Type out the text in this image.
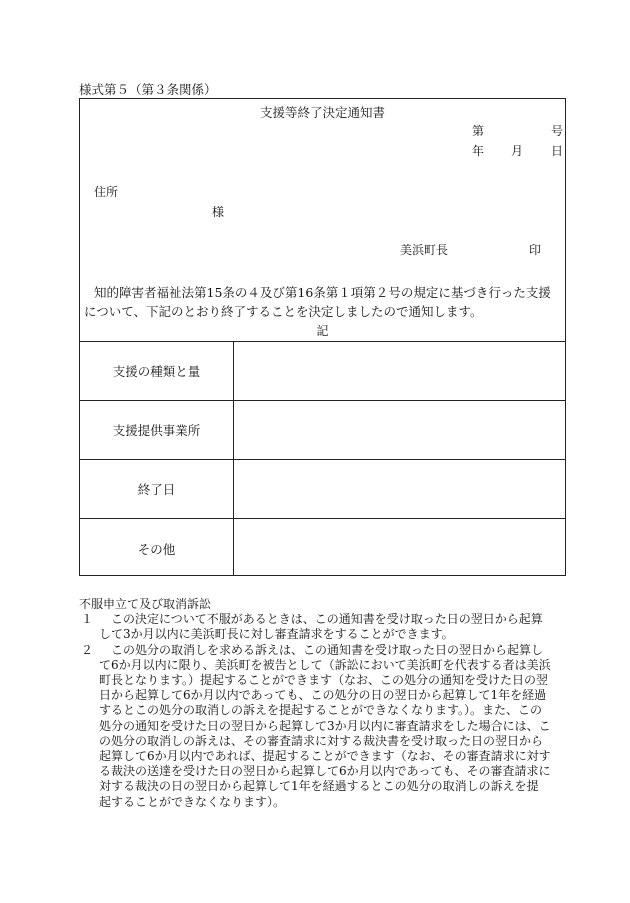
様式第５（第３条関係）
支援等終了決定通知書
第	号
年 月 日
住所
様
美浜町長	印
知的障害者福祉法第15条の４及び第16条第１項第２号の規定に基づき行った支援
について、下記のとおり終了することを決定しましたので通知します。
記
支援の種類と量
支援提供事業所
終了日
その他
不服申立て及び取消訴訟
１	この決定について不服があるときは、この通知書を受け取った日の翌日から起算
して3か月以内に美浜町長に対し審査請求をすることができます。
２	この処分の取消しを求める訴えは、この通知書を受け取った日の翌日から起算し
て6か月以内に限り、美浜町を被告として（訴訟において美浜町を代表する者は美浜
町長となります。）提起することができます（なお、この処分の通知を受けた日の翌
日から起算して6か月以内であっても、この処分の日の翌日から起算して1年を経過
するとこの処分の取消しの訴えを提起することができなくなります。）。また、この
処分の通知を受けた日の翌日から起算して3か月以内に審査請求をした場合には、こ
の処分の取消しの訴えは、その審査請求に対する裁決書を受け取った日の翌日から
起算して6か月以内であれば、提起することができます（なお、その審査請求に対す
る裁決の送達を受けた日の翌日から起算して6か月以内であっても、その審査請求に
対する裁決の日の翌日から起算して1年を経過するとこの処分の取消しの訴えを提
起することができなくなります）。
